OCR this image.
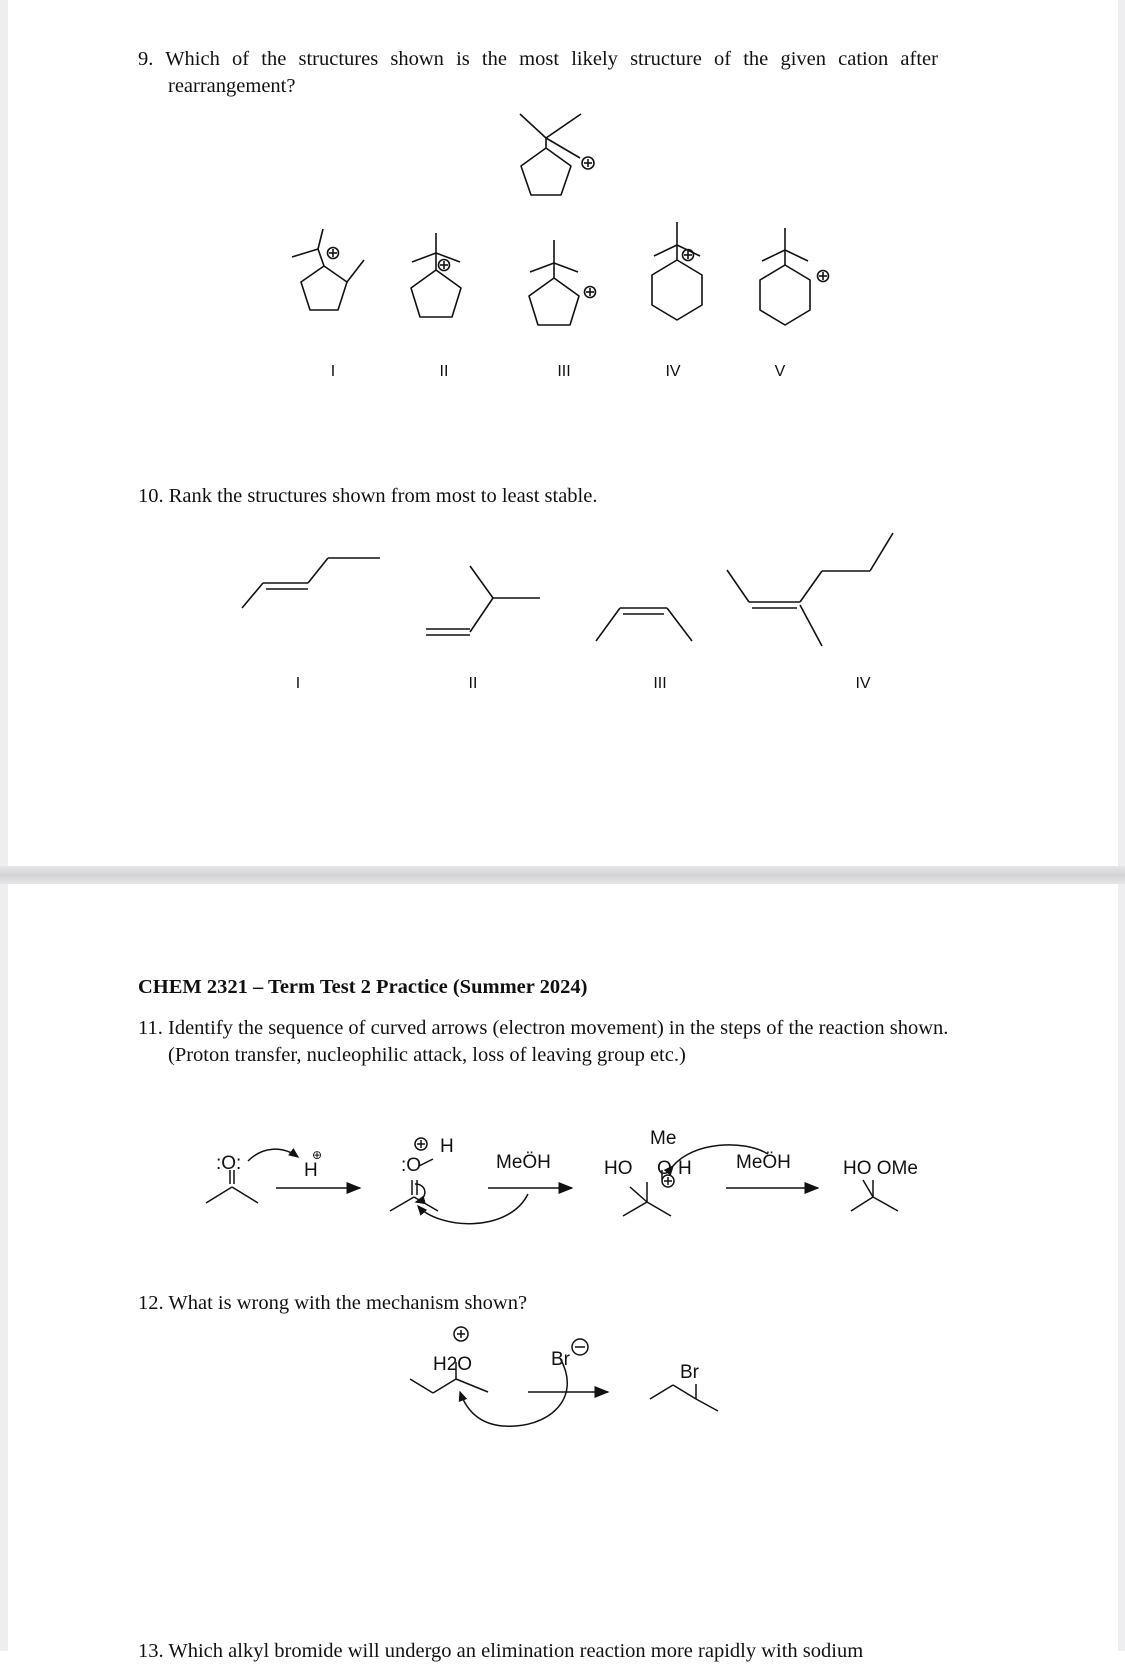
9. Which of the structures shown is the most likely structure of the given cation after
rearrangement?
I	II	III	IV	V
I	II	III	IV
10. Rank the structures shown from most to least stable.
CHEM 2321 – Term Test 2 Practice (Summer 2024)
11. Identify the sequence of curved arrows (electron movement) in the steps of the reaction shown.
(Proton transfer, nucleophilic attack, loss of leaving group etc.)
:O:	H	:O
H
MeÖH	HO
Me
O H MeÖH	HO OMe
⊕
H2O	Br
Br
12. What is wrong with the mechanism shown?
13. Which alkyl bromide will undergo an elimination reaction more rapidly with sodium
